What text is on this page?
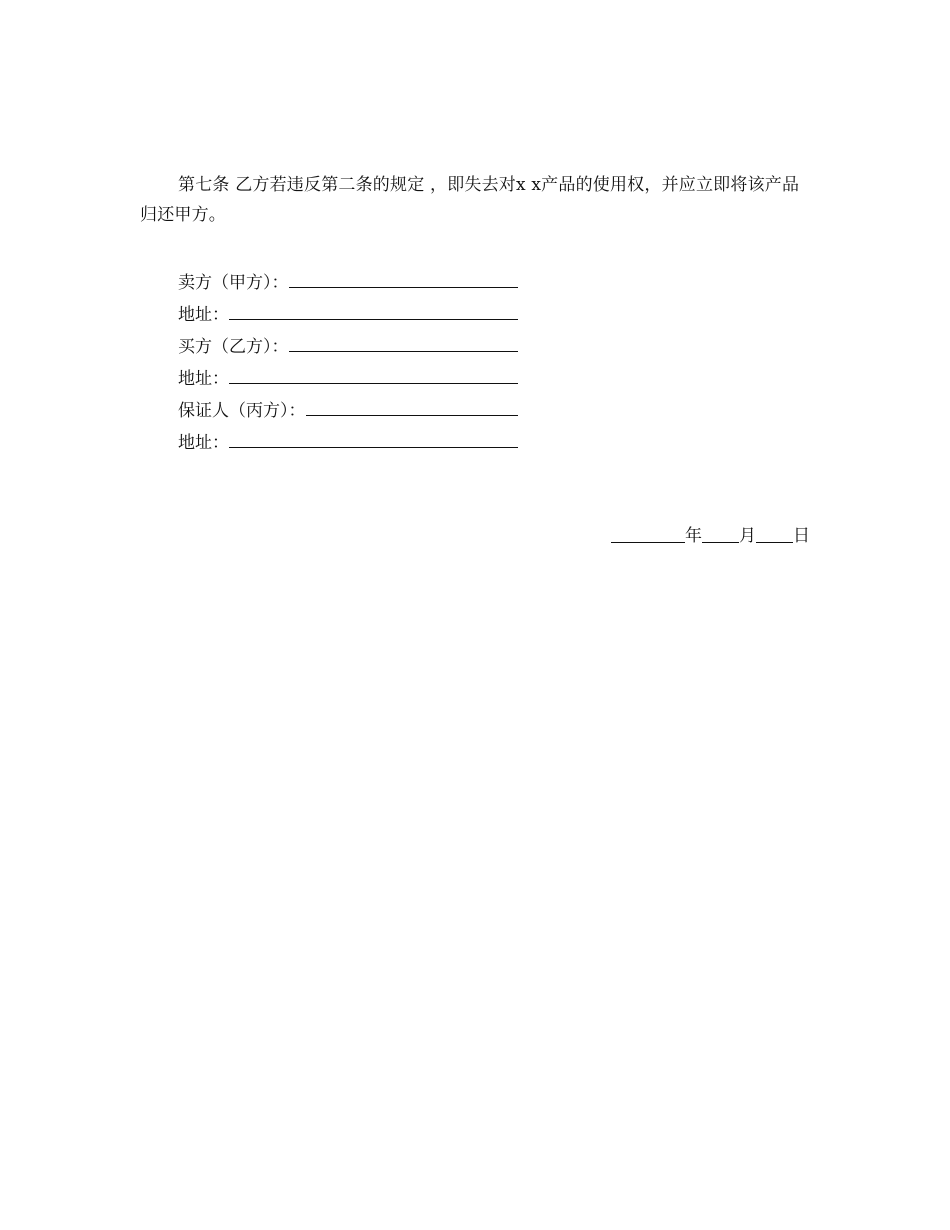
第七条 乙方若违反第二条的规定 ，即失去对x x产品的使用权，并应立即将该产品归还甲方。

卖方（甲方）：
地址：
买方（乙方）：
地址：
保证人（丙方）：
地址：
年 月 日
